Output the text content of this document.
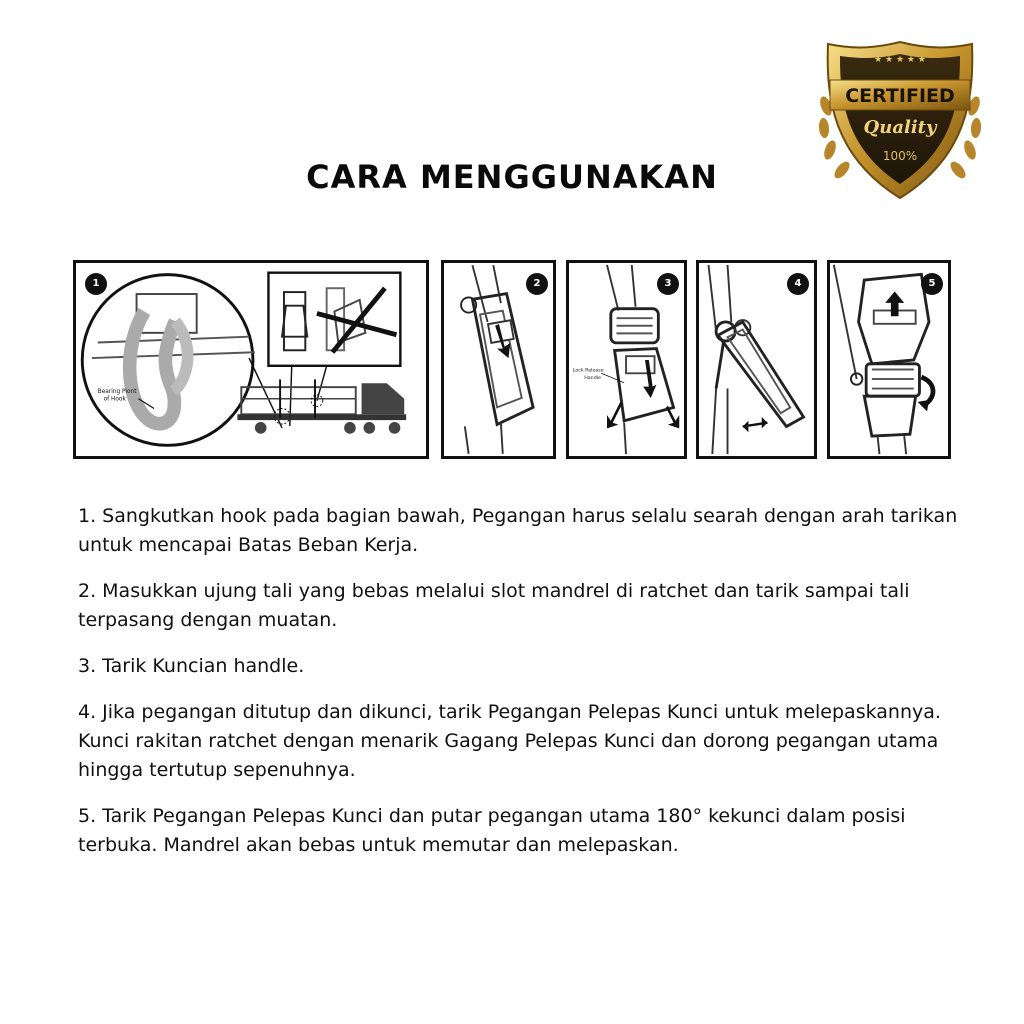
★ ★ ★ ★ ★
CERTIFIED
Quality
100%
CARA MENGGUNAKAN
Bearing Piont
of Hook
1	2
Lock Release
Handle
3	4	5

1. Sangkutkan hook pada bagian bawah, Pegangan harus selalu searah dengan arah tarikan untuk mencapai Batas Beban Kerja.

2. Masukkan ujung tali yang bebas melalui slot mandrel di ratchet dan tarik sampai tali terpasang dengan muatan.

3. Tarik Kuncian handle.

4. Jika pegangan ditutup dan dikunci, tarik Pegangan Pelepas Kunci untuk melepaskannya. Kunci rakitan ratchet dengan menarik Gagang Pelepas Kunci dan dorong pegangan utama hingga tertutup sepenuhnya.

5. Tarik Pegangan Pelepas Kunci dan putar pegangan utama 180° kekunci dalam posisi terbuka. Mandrel akan bebas untuk memutar dan melepaskan.
